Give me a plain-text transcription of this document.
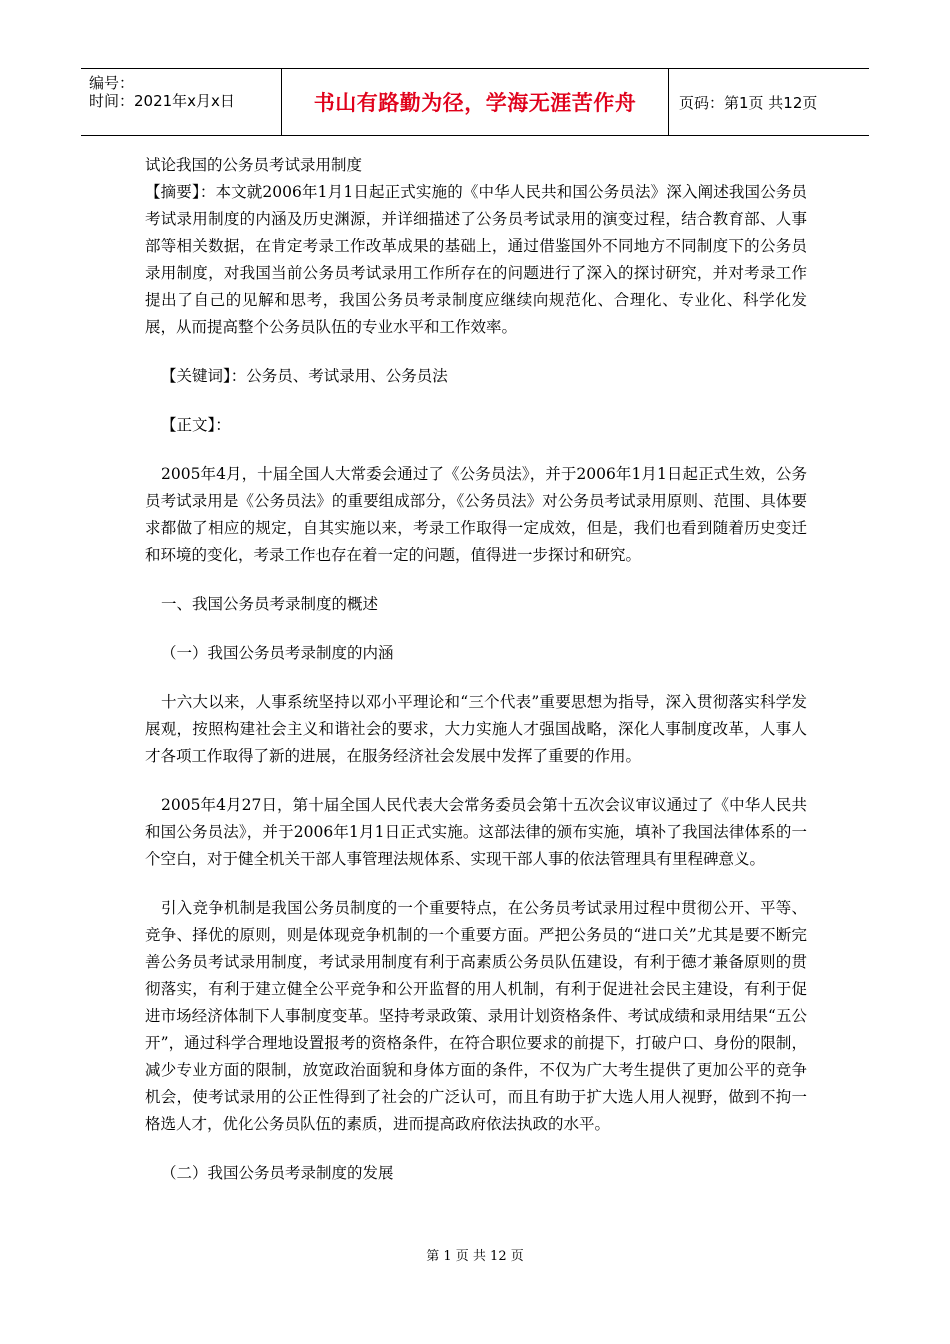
编号：
时间：2021年x月x日	书山有路勤为径，学海无涯苦作舟	页码：第1页 共12页

试论我国的公务员考试录用制度

【摘要】：本文就2006年1月1日起正式实施的《中华人民共和国公务员法》深入阐述我国公务员考试录用制度的内涵及历史渊源，并详细描述了公务员考试录用的演变过程，结合教育部、人事部等相关数据，在肯定考录工作改革成果的基础上，通过借鉴国外不同地方不同制度下的公务员录用制度，对我国当前公务员考试录用工作所存在的问题进行了深入的探讨研究，并对考录工作提出了自己的见解和思考，我国公务员考录制度应继续向规范化、合理化、专业化、科学化发展，从而提高整个公务员队伍的专业水平和工作效率。

【关键词】：公务员、考试录用、公务员法

【正文】：

2005年4月，十届全国人大常委会通过了《公务员法》，并于2006年1月1日起正式生效，公务员考试录用是《公务员法》的重要组成部分，《公务员法》对公务员考试录用原则、范围、具体要求都做了相应的规定，自其实施以来，考录工作取得一定成效，但是，我们也看到随着历史变迁和环境的变化，考录工作也存在着一定的问题，值得进一步探讨和研究。

一、我国公务员考录制度的概述

（一）我国公务员考录制度的内涵

十六大以来，人事系统坚持以邓小平理论和“三个代表”重要思想为指导，深入贯彻落实科学发展观，按照构建社会主义和谐社会的要求，大力实施人才强国战略，深化人事制度改革，人事人才各项工作取得了新的进展，在服务经济社会发展中发挥了重要的作用。

2005年4月27日，第十届全国人民代表大会常务委员会第十五次会议审议通过了《中华人民共和国公务员法》，并于2006年1月1日正式实施。这部法律的颁布实施，填补了我国法律体系的一个空白，对于健全机关干部人事管理法规体系、实现干部人事的依法管理具有里程碑意义。

引入竞争机制是我国公务员制度的一个重要特点，在公务员考试录用过程中贯彻公开、平等、竞争、择优的原则，则是体现竞争机制的一个重要方面。严把公务员的“进口关”尤其是要不断完善公务员考试录用制度，考试录用制度有利于高素质公务员队伍建设，有利于德才兼备原则的贯彻落实，有利于建立健全公平竞争和公开监督的用人机制，有利于促进社会民主建设，有利于促进市场经济体制下人事制度变革。坚持考录政策、录用计划资格条件、考试成绩和录用结果“五公开”，通过科学合理地设置报考的资格条件，在符合职位要求的前提下，打破户口、身份的限制，减少专业方面的限制，放宽政治面貌和身体方面的条件，不仅为广大考生提供了更加公平的竞争机会，使考试录用的公正性得到了社会的广泛认可，而且有助于扩大选人用人视野，做到不拘一格选人才，优化公务员队伍的素质，进而提高政府依法执政的水平。

（二）我国公务员考录制度的发展

第 1 页 共 12 页
